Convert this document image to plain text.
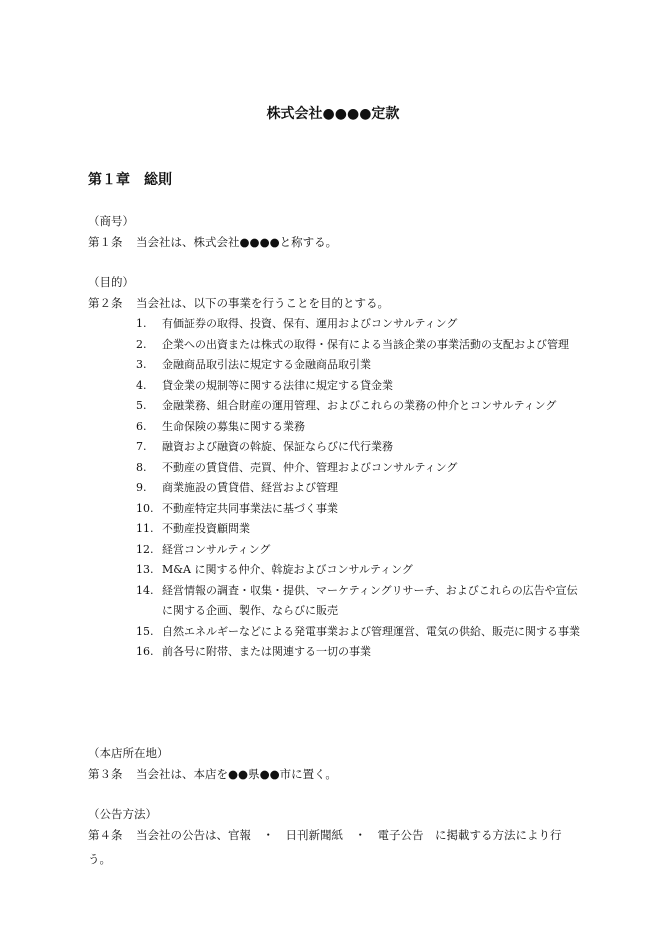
株式会社●●●●定款
第１章 総則
（商号）
第１条 当会社は、株式会社●●●●と称する。
（目的）
第２条 当会社は、以下の事業を行うことを目的とする。
1. 有価証券の取得、投資、保有、運用およびコンサルティング
2. 企業への出資または株式の取得・保有による当該企業の事業活動の支配および管理
3. 金融商品取引法に規定する金融商品取引業
4. 貸金業の規制等に関する法律に規定する貸金業
5. 金融業務、組合財産の運用管理、およびこれらの業務の仲介とコンサルティング
6. 生命保険の募集に関する業務
7. 融資および融資の斡旋、保証ならびに代行業務
8. 不動産の賃貸借、売買、仲介、管理およびコンサルティング
9. 商業施設の賃貸借、経営および管理
10. 不動産特定共同事業法に基づく事業
11. 不動産投資顧問業
12. 経営コンサルティング
13. M&A に関する仲介、斡旋およびコンサルティング
14. 経営情報の調査・収集・提供、マーケティングリサーチ、およびこれらの広告や宣伝に関する企画、製作、ならびに販売
15. 自然エネルギーなどによる発電事業および管理運営、電気の供給、販売に関する事業
16. 前各号に附帯、または関連する一切の事業
（本店所在地）
第３条 当会社は、本店を●●県●●市に置く。
（公告方法）
第４条 当会社の公告は、官報　・　日刊新聞紙　・　電子公告　に掲載する方法により行う。
